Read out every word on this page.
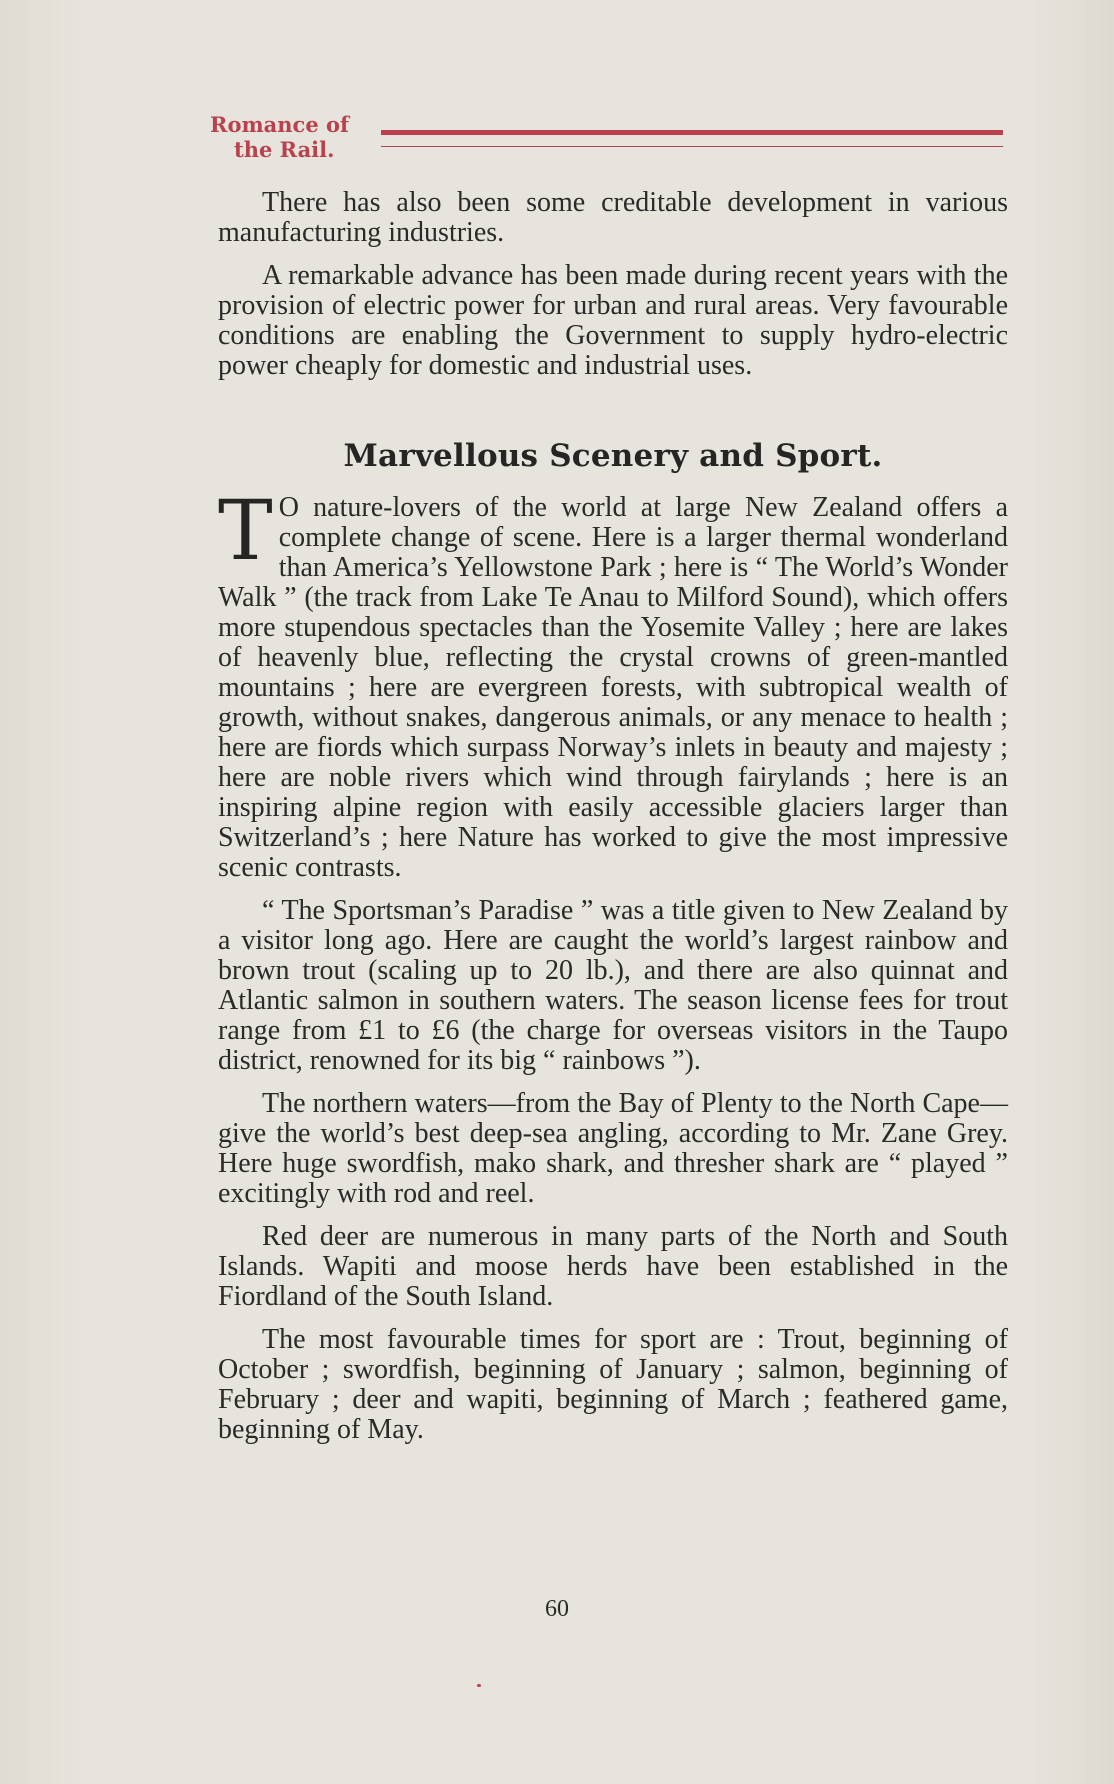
Romance of
the Rail.

There has also been some creditable development in various manufacturing industries.

A remarkable advance has been made during recent years with the provision of electric power for urban and rural areas. Very favourable conditions are enabling the Government to supply hydro-electric power cheaply for domestic and industrial uses.

Marvellous Scenery and Sport.

T O nature-lovers of the world at large New Zealand offers a complete change of scene. Here is a larger thermal wonderland than America’s Yellowstone Park ; here is “ The World’s Wonder Walk ” (the track from Lake Te Anau to Milford Sound), which offers more stupendous spectacles than the Yosemite Valley ; here are lakes of heavenly blue, reflecting the crystal crowns of green-mantled mountains ; here are evergreen forests, with subtropical wealth of growth, without snakes, dangerous animals, or any menace to health ; here are fiords which surpass Norway’s inlets in beauty and majesty ; here are noble rivers which wind through fairylands ; here is an inspiring alpine region with easily accessible glaciers larger than Switzerland’s ; here Nature has worked to give the most impressive scenic contrasts.

“ The Sportsman’s Paradise ” was a title given to New Zealand by a visitor long ago. Here are caught the world’s largest rainbow and brown trout (scaling up to 20 lb.), and there are also quinnat and Atlantic salmon in southern waters. The season license fees for trout range from £1 to £6 (the charge for overseas visitors in the Taupo district, renowned for its big “ rainbows ”).

The northern waters—from the Bay of Plenty to the North Cape—give the world’s best deep-sea angling, according to Mr. Zane Grey. Here huge swordfish, mako shark, and thresher shark are “ played ” excitingly with rod and reel.

Red deer are numerous in many parts of the North and South Islands. Wapiti and moose herds have been established in the Fiordland of the South Island.

The most favourable times for sport are : Trout, beginning of October ; swordfish, beginning of January ; salmon, beginning of February ; deer and wapiti, beginning of March ; feathered game, beginning of May.

60
